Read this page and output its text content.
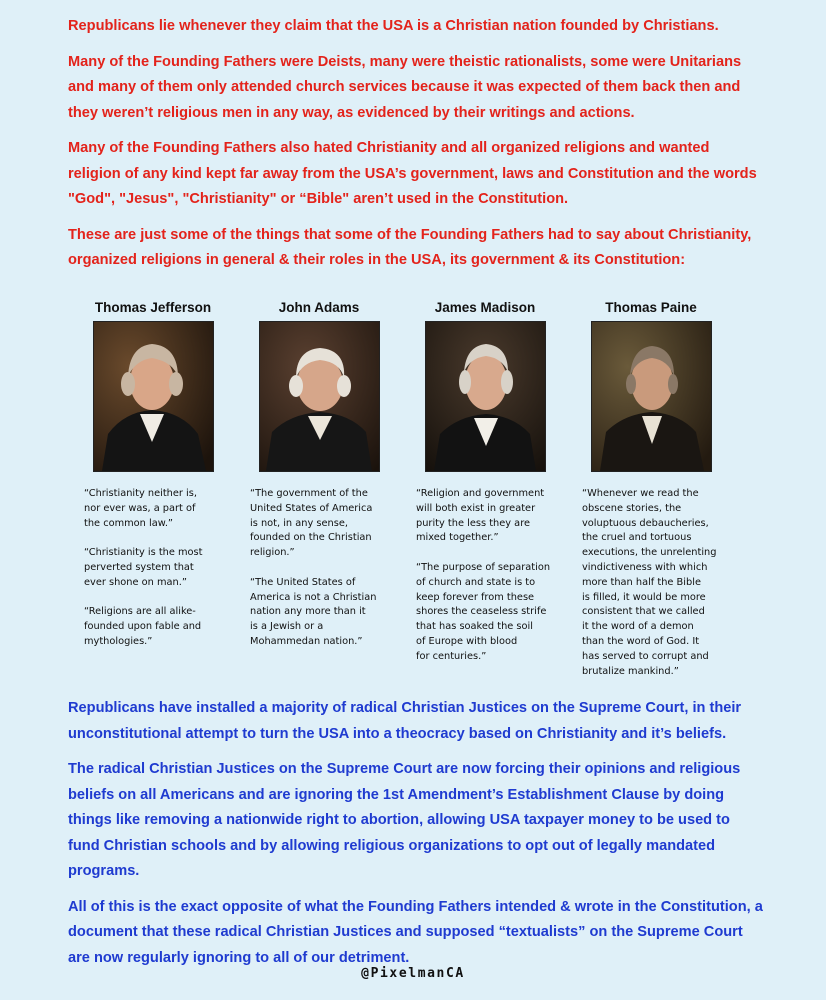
Republicans lie whenever they claim that the USA is a Christian nation founded by Christians.

Many of the Founding Fathers were Deists, many were theistic rationalists, some were Unitarians and many of them only attended church services because it was expected of them back then and they weren’t religious men in any way, as evidenced by their writings and actions.

Many of the Founding Fathers also hated Christianity and all organized religions and wanted religion of any kind kept far away from the USA’s government, laws and Constitution and the words "God", "Jesus", "Christianity" or “Bible" aren’t used in the Constitution.

These are just some of the things that some of the Founding Fathers had to say about Christianity, organized religions in general & their roles in the USA, its government & its Constitution:

Thomas Jefferson

“Christianity neither is,
nor ever was, a part of
the common law.”

“Christianity is the most
perverted system that
ever shone on man.”

“Religions are all alike-
founded upon fable and
mythologies.”

John Adams

“The government of the
United States of America
is not, in any sense,
founded on the Christian
religion.”

“The United States of
America is not a Christian
nation any more than it
is a Jewish or a
Mohammedan nation.”

James Madison

“Religion and government
will both exist in greater
purity the less they are
mixed together.”

“The purpose of separation
of church and state is to
keep forever from these
shores the ceaseless strife
that has soaked the soil
of Europe with blood
for centuries.”

Thomas Paine

“Whenever we read the
obscene stories, the
voluptuous debaucheries,
the cruel and tortuous
executions, the unrelenting
vindictiveness with which
more than half the Bible
is filled, it would be more
consistent that we called
it the word of a demon
than the word of God. It
has served to corrupt and
brutalize mankind.”

Republicans have installed a majority of radical Christian Justices on the Supreme Court, in their unconstitutional attempt to turn the USA into a theocracy based on Christianity and it’s beliefs.

The radical Christian Justices on the Supreme Court are now forcing their opinions and religious beliefs on all Americans and are ignoring the 1st Amendment’s Establishment Clause by doing things like removing a nationwide right to abortion, allowing USA taxpayer money to be used to fund Christian schools and by allowing religious organizations to opt out of legally mandated programs.

All of this is the exact opposite of what the Founding Fathers intended & wrote in the Constitution, a document that these radical Christian Justices and supposed “textualists” on the Supreme Court are now regularly ignoring to all of our detriment.

@PixelmanCA
